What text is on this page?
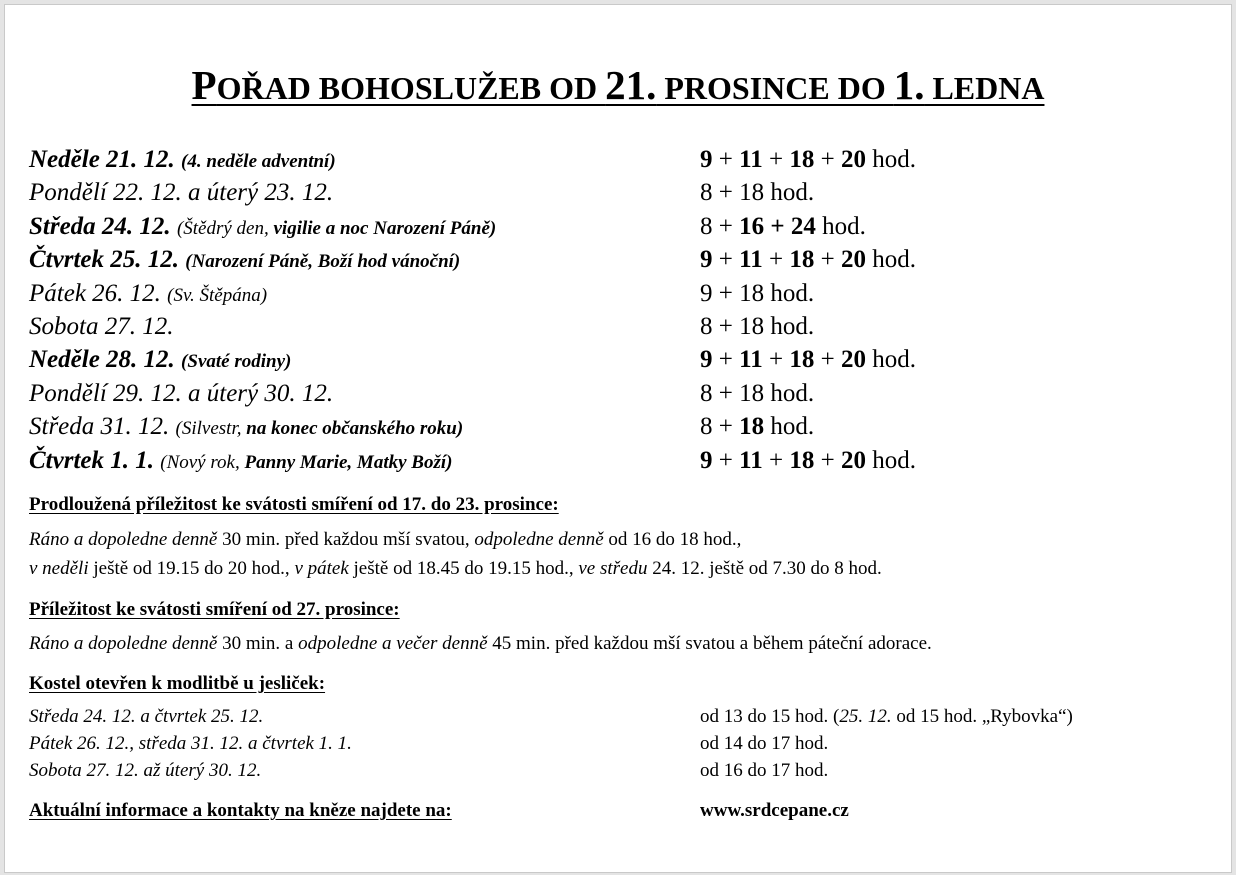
POŘAD BOHOSLUŽEB OD 21. PROSINCE DO 1. LEDNA
Neděle 21. 12. (4. neděle adventní)	9 + 11 + 18 + 20 hod.
Pondělí 22. 12. a úterý 23. 12.	8 + 18 hod.
Středa 24. 12. (Štědrý den, vigilie a noc Narození Páně)	8 + 16 + 24 hod.
Čtvrtek 25. 12. (Narození Páně, Boží hod vánoční)	9 + 11 + 18 + 20 hod.
Pátek 26. 12. (Sv. Štěpána)	9 + 18 hod.
Sobota 27. 12.	8 + 18 hod.
Neděle 28. 12. (Svaté rodiny)	9 + 11 + 18 + 20 hod.
Pondělí 29. 12. a úterý 30. 12.	8 + 18 hod.
Středa 31. 12. (Silvestr, na konec občanského roku)	8 + 18 hod.
Čtvrtek 1. 1. (Nový rok, Panny Marie, Matky Boží)	9 + 11 + 18 + 20 hod.
Prodloužená příležitost ke svátosti smíření od 17. do 23. prosince:
Ráno a dopoledne denně 30 min. před každou mší svatou, odpoledne denně od 16 do 18 hod.,
v neděli ještě od 19.15 do 20 hod., v pátek ještě od 18.45 do 19.15 hod., ve středu 24. 12. ještě od 7.30 do 8 hod.
Příležitost ke svátosti smíření od 27. prosince:
Ráno a dopoledne denně 30 min. a odpoledne a večer denně 45 min. před každou mší svatou a během páteční adorace.
Kostel otevřen k modlitbě u jesliček:
Středa 24. 12. a čtvrtek 25. 12.	od 13 do 15 hod. (25. 12. od 15 hod. „Rybovka“)
Pátek 26. 12., středa 31. 12. a čtvrtek 1. 1.	od 14 do 17 hod.
Sobota 27. 12. až úterý 30. 12.	od 16 do 17 hod.
Aktuální informace a kontakty na kněze najdete na:	www.srdcepane.cz
